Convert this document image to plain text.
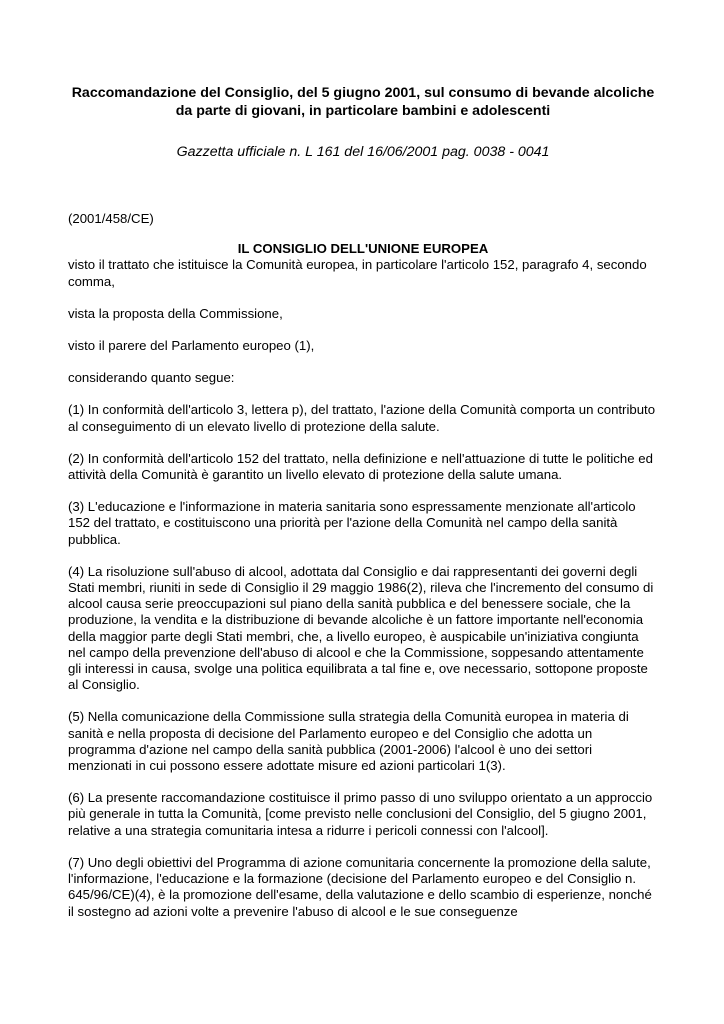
Raccomandazione del Consiglio, del 5 giugno 2001, sul consumo di bevande alcoliche da parte di giovani, in particolare bambini e adolescenti

Gazzetta ufficiale n. L 161 del 16/06/2001 pag. 0038 - 0041

(2001/458/CE)

IL CONSIGLIO DELL'UNIONE EUROPEA

visto il trattato che istituisce la Comunità europea, in particolare l'articolo 152, paragrafo 4, secondo comma,

vista la proposta della Commissione,

visto il parere del Parlamento europeo (1),

considerando quanto segue:

(1) In conformità dell'articolo 3, lettera p), del trattato, l'azione della Comunità comporta un contributo al conseguimento di un elevato livello di protezione della salute.

(2) In conformità dell'articolo 152 del trattato, nella definizione e nell'attuazione di tutte le politiche ed attività della Comunità è garantito un livello elevato di protezione della salute umana.

(3) L'educazione e l'informazione in materia sanitaria sono espressamente menzionate all'articolo 152 del trattato, e costituiscono una priorità per l'azione della Comunità nel campo della sanità pubblica.

(4) La risoluzione sull'abuso di alcool, adottata dal Consiglio e dai rappresentanti dei governi degli Stati membri, riuniti in sede di Consiglio il 29 maggio 1986(2), rileva che l'incremento del consumo di alcool causa serie preoccupazioni sul piano della sanità pubblica e del benessere sociale, che la produzione, la vendita e la distribuzione di bevande alcoliche è un fattore importante nell'economia della maggior parte degli Stati membri, che, a livello europeo, è auspicabile un'iniziativa congiunta nel campo della prevenzione dell'abuso di alcool e che la Commissione, soppesando attentamente gli interessi in causa, svolge una politica equilibrata a tal fine e, ove necessario, sottopone proposte al Consiglio.

(5) Nella comunicazione della Commissione sulla strategia della Comunità europea in materia di sanità e nella proposta di decisione del Parlamento europeo e del Consiglio che adotta un programma d'azione nel campo della sanità pubblica (2001-2006) l'alcool è uno dei settori menzionati in cui possono essere adottate misure ed azioni particolari 1(3).

(6) La presente raccomandazione costituisce il primo passo di uno sviluppo orientato a un approccio più generale in tutta la Comunità, [come previsto nelle conclusioni del Consiglio, del 5 giugno 2001, relative a una strategia comunitaria intesa a ridurre i pericoli connessi con l'alcool].

(7) Uno degli obiettivi del Programma di azione comunitaria concernente la promozione della salute, l'informazione, l'educazione e la formazione (decisione del Parlamento europeo e del Consiglio n. 645/96/CE)(4), è la promozione dell'esame, della valutazione e dello scambio di esperienze, nonché il sostegno ad azioni volte a prevenire l'abuso di alcool e le sue conseguenze
